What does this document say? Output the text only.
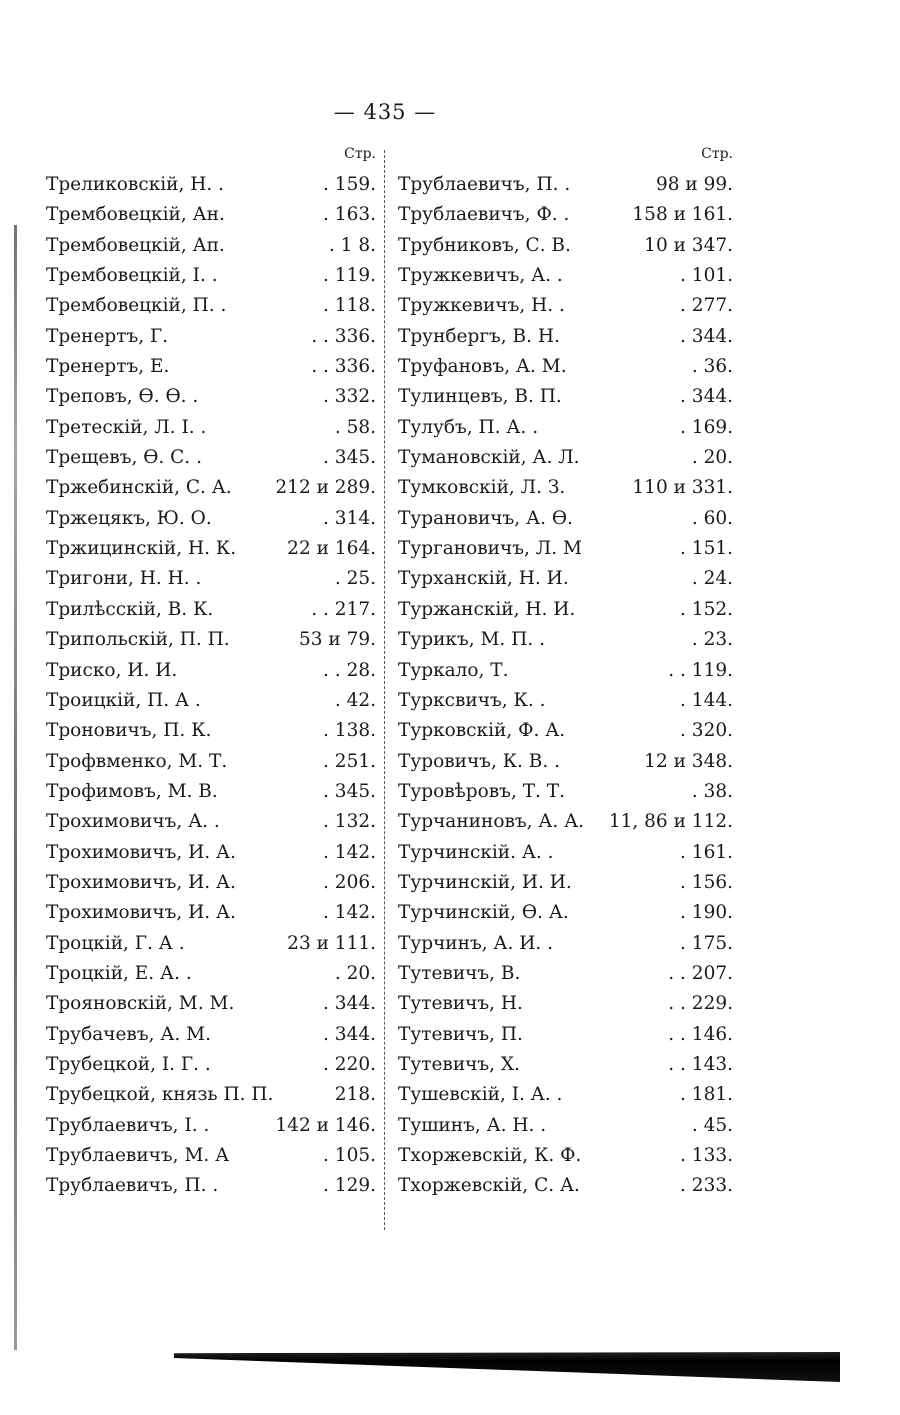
— 435 —
Стр.
Треликовскій, Н. .	. 159.
Трембовецкій, Ан.	. 163.
Трембовецкій, Ап.	. 1 8.
Трембовецкій, І. .	. 119.
Трембовецкій, П. .	. 118.
Тренертъ, Г.	. . 336.
Тренертъ, Е.	. . 336.
Треповъ, Ө. Ө. .	. 332.
Третескій, Л. І. .	. 58.
Трещевъ, Ө. С. .	. 345.
Тржебинскій, С. А. 212 и 289.
Тржецякъ, Ю. О.	. 314.
Тржицинскій, Н. К.	22 и 164.
Тригони, Н. Н. .	. 25.
Трилѣсскій, В. К.	. . 217.
Трипольскій, П. П.	53 и 79.
Триско, И. И.	. . 28.
Троицкій, П. А .	. 42.
Троновичъ, П. К.	. 138.
Трофвменко, М. Т.	. 251.
Трофимовъ, М. В.	. 345.
Трохимовичъ, А. .	. 132.
Трохимовичъ, И. А.	. 142.
Трохимовичъ, И. А.	. 206.
Трохимовичъ, И. А.	. 142.
Троцкій, Г. А .	23 и 111.
Троцкій, Е. А. .	. 20.
Трояновскій, М. М.	. 344.
Трубачевъ, А. М.	. 344.
Трубецкой, І. Г. .	. 220.
Трубецкой, князь П. П.	218.
Трублаевичъ, І. .	142 и 146.
Трублаевичъ, М. А	. 105.
Трублаевичъ, П. .	. 129.
Стр.
Трублаевичъ, П. .	98 и 99.
Трублаевичъ, Ф. .	158 и 161.
Трубниковъ, С. В.	10 и 347.
Тружкевичъ, А. .	. 101.
Тружкевичъ, Н. .	. 277.
Трунбергъ, В. Н.	. 344.
Труфановъ, А. М.	. 36.
Тулинцевъ, В. П.	. 344.
Тулубъ, П. А. .	. 169.
Тумановскій, А. Л.	. 20.
Тумковскій, Л. З.	110 и 331.
Турановичъ, А. Ө.	. 60.
Тургановичъ, Л. М	. 151.
Турханскій, Н. И.	. 24.
Туржанскій, Н. И.	. 152.
Турикъ, М. П. .	. 23.
Туркало, Т.	. . 119.
Турксвичъ, К. .	. 144.
Турковскій, Ф. А.	. 320.
Туровичъ, К. В. .	12 и 348.
Туровѣровъ, Т. Т.	. 38.
Турчаниновъ, А. А. 11, 86 и 112.
Турчинскій. А. .	. 161.
Турчинскій, И. И.	. 156.
Турчинскій, Ө. А.	. 190.
Турчинъ, А. И. .	. 175.
Тутевичъ, В.	. . 207.
Тутевичъ, Н.	. . 229.
Тутевичъ, П.	. . 146.
Тутевичъ, Х.	. . 143.
Тушевскій, І. А. .	. 181.
Тушинъ, А. Н. .	. 45.
Тхоржевскій, К. Ф.	. 133.
Тхоржевскій, С. А.	. 233.
